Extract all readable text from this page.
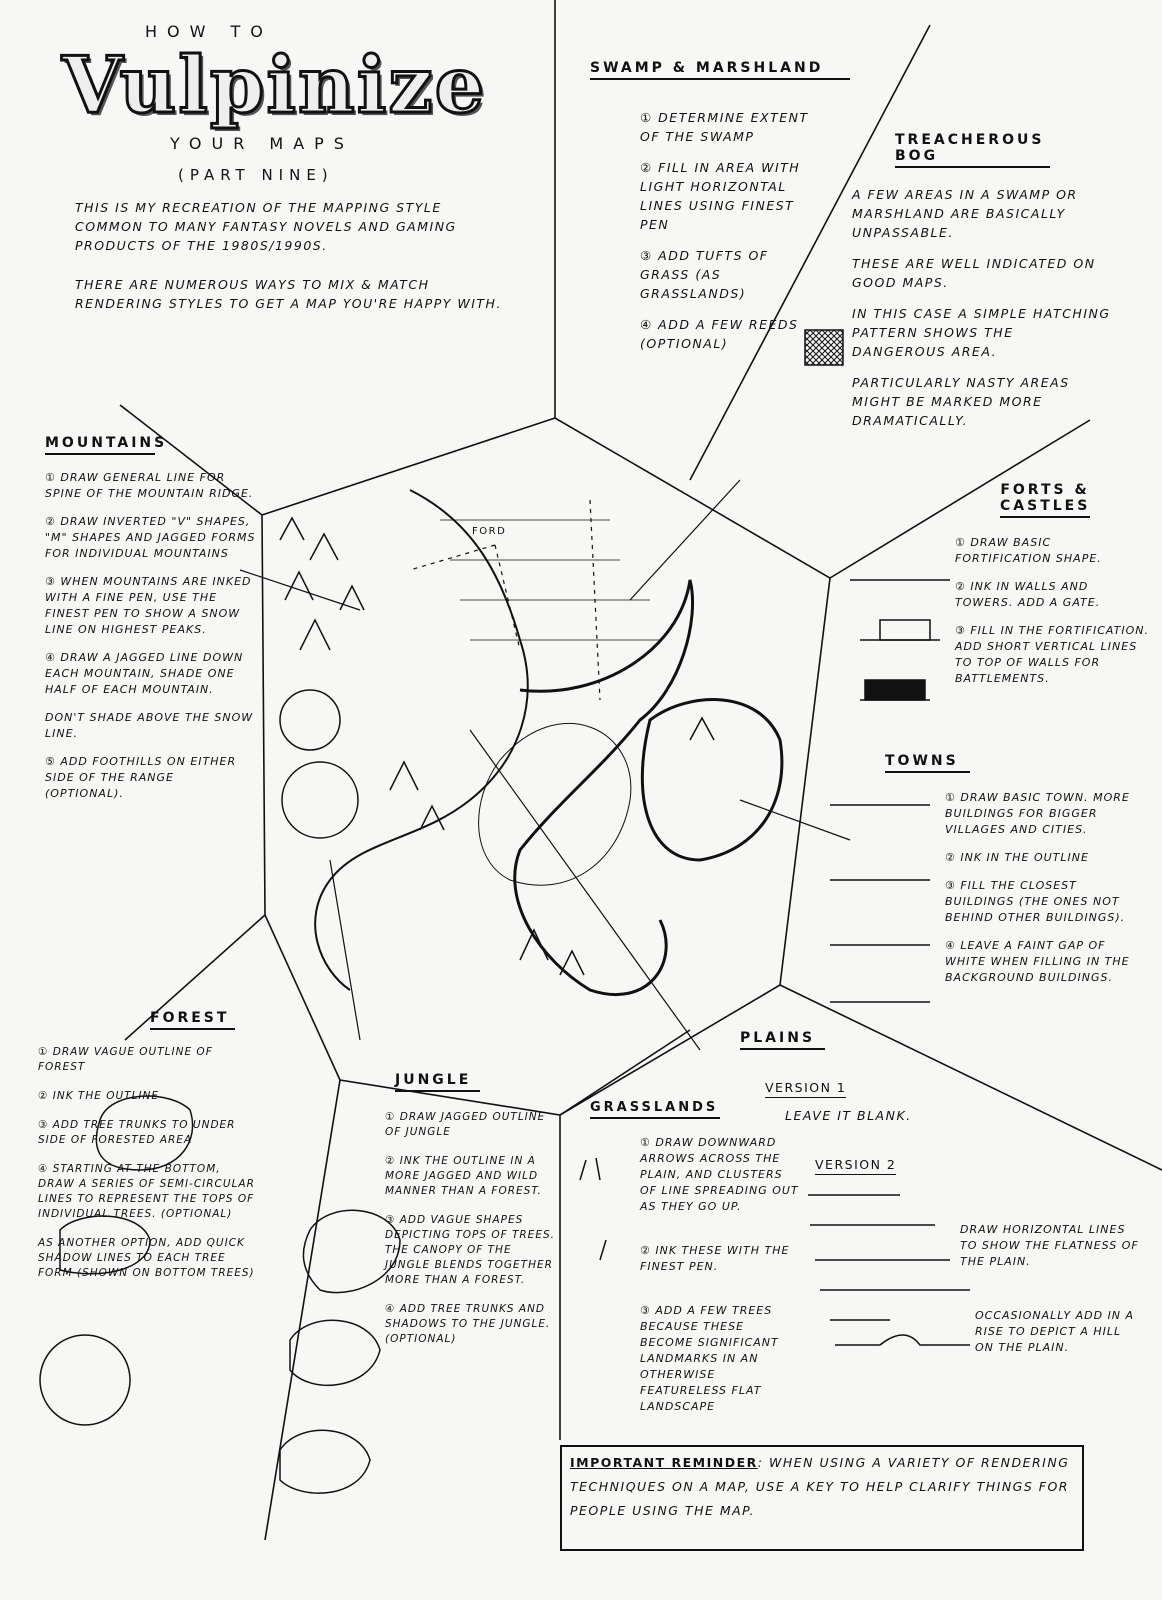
HOW TO
Vulpinize
YOUR MAPS
(PART NINE)
THIS IS MY RECREATION OF THE MAPPING STYLE COMMON TO MANY FANTASY NOVELS AND GAMING PRODUCTS OF THE 1980S/1990S.
THERE ARE NUMEROUS WAYS TO MIX & MATCH RENDERING STYLES TO GET A MAP YOU'RE HAPPY WITH.
SWAMP & MARSHLAND
① DETERMINE EXTENT OF THE SWAMP
② FILL IN AREA WITH LIGHT HORIZONTAL LINES USING FINEST PEN
③ ADD TUFTS OF GRASS (AS GRASSLANDS)
④ ADD A FEW REEDS (OPTIONAL)
TREACHEROUS BOG
A FEW AREAS IN A SWAMP OR MARSHLAND ARE BASICALLY UNPASSABLE.
THESE ARE WELL INDICATED ON GOOD MAPS.
IN THIS CASE A SIMPLE HATCHING PATTERN SHOWS THE DANGEROUS AREA.
PARTICULARLY NASTY AREAS MIGHT BE MARKED MORE DRAMATICALLY.
MOUNTAINS
① DRAW GENERAL LINE FOR SPINE OF THE MOUNTAIN RIDGE.
② DRAW INVERTED "V" SHAPES, "M" SHAPES AND JAGGED FORMS FOR INDIVIDUAL MOUNTAINS
③ WHEN MOUNTAINS ARE INKED WITH A FINE PEN, USE THE FINEST PEN TO SHOW A SNOW LINE ON HIGHEST PEAKS.
④ DRAW A JAGGED LINE DOWN EACH MOUNTAIN, SHADE ONE HALF OF EACH MOUNTAIN.
DON'T SHADE ABOVE THE SNOW LINE.
⑤ ADD FOOTHILLS ON EITHER SIDE OF THE RANGE (OPTIONAL).
FORTS & CASTLES
① DRAW BASIC FORTIFICATION SHAPE.
② INK IN WALLS AND TOWERS. ADD A GATE.
③ FILL IN THE FORTIFICATION. ADD SHORT VERTICAL LINES TO TOP OF WALLS FOR BATTLEMENTS.
TOWNS
① DRAW BASIC TOWN. MORE BUILDINGS FOR BIGGER VILLAGES AND CITIES.
② INK IN THE OUTLINE
③ FILL THE CLOSEST BUILDINGS (THE ONES NOT BEHIND OTHER BUILDINGS).
④ LEAVE A FAINT GAP OF WHITE WHEN FILLING IN THE BACKGROUND BUILDINGS.
FOREST
① DRAW VAGUE OUTLINE OF FOREST
② INK THE OUTLINE
③ ADD TREE TRUNKS TO UNDER SIDE OF FORESTED AREA
④ STARTING AT THE BOTTOM, DRAW A SERIES OF SEMI-CIRCULAR LINES TO REPRESENT THE TOPS OF INDIVIDUAL TREES. (OPTIONAL)
AS ANOTHER OPTION, ADD QUICK SHADOW LINES TO EACH TREE FORM (SHOWN ON BOTTOM TREES)
JUNGLE
① DRAW JAGGED OUTLINE OF JUNGLE
② INK THE OUTLINE IN A MORE JAGGED AND WILD MANNER THAN A FOREST.
③ ADD VAGUE SHAPES DEPICTING TOPS OF TREES. THE CANOPY OF THE JUNGLE BLENDS TOGETHER MORE THAN A FOREST.
④ ADD TREE TRUNKS AND SHADOWS TO THE JUNGLE. (OPTIONAL)
PLAINS
VERSION 1
LEAVE IT BLANK.
VERSION 2
DRAW HORIZONTAL LINES TO SHOW THE FLATNESS OF THE PLAIN.
OCCASIONALLY ADD IN A RISE TO DEPICT A HILL ON THE PLAIN.
GRASSLANDS
① DRAW DOWNWARD ARROWS ACROSS THE PLAIN, AND CLUSTERS OF LINE SPREADING OUT AS THEY GO UP.
② INK THESE WITH THE FINEST PEN.
③ ADD A FEW TREES BECAUSE THESE BECOME SIGNIFICANT LANDMARKS IN AN OTHERWISE FEATURELESS FLAT LANDSCAPE
FORD
IMPORTANT REMINDER: WHEN USING A VARIETY OF RENDERING TECHNIQUES ON A MAP, USE A KEY TO HELP CLARIFY THINGS FOR PEOPLE USING THE MAP.
